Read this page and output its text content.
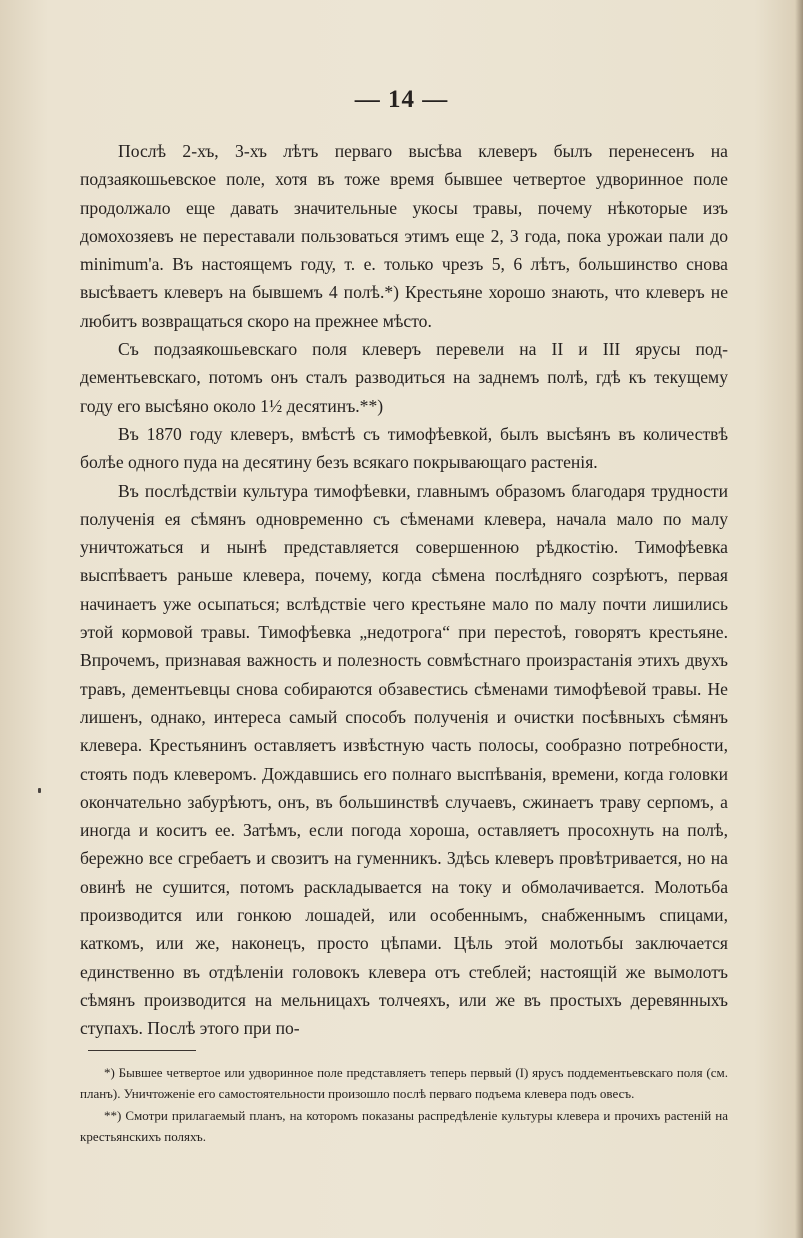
— 14 —

Послѣ 2-хъ, 3-хъ лѣтъ перваго высѣва клеверъ былъ перенесенъ на подзаякошьевское поле, хотя въ тоже время бывшее четвертое удворинное поле продолжало еще давать значительные укосы травы, почему нѣкоторые изъ домохозяевъ не переставали пользоваться этимъ еще 2, 3 года, пока урожаи пали до minimum'a. Въ настоящемъ году, т. е. только чрезъ 5, 6 лѣтъ, большинство снова высѣваетъ клеверъ на бывшемъ 4 полѣ.*) Крестьяне хорошо знають, что клеверъ не любитъ возвращаться скоро на прежнее мѣсто.

Съ подзаякошьевскаго поля клеверъ перевели на II и III ярусы под-дементьевскаго, потомъ онъ сталъ разводиться на заднемъ полѣ, гдѣ къ текущему году его высѣяно около 1½ десятинъ.**)

Въ 1870 году клеверъ, вмѣстѣ съ тимофѣевкой, былъ высѣянъ въ количествѣ болѣе одного пуда на десятину безъ всякаго покрывающаго растенія.

Въ послѣдствіи культура тимофѣевки, главнымъ образомъ благодаря трудности полученія ея сѣмянъ одновременно съ сѣменами клевера, начала мало по малу уничтожаться и нынѣ представляется совершенною рѣдкостію. Тимофѣевка выспѣваетъ раньше клевера, почему, когда сѣмена послѣдняго созрѣютъ, первая начинаетъ уже осыпаться; вслѣдствіе чего крестьяне мало по малу почти лишились этой кормовой травы. Тимофѣевка „недотрога“ при перестоѣ, говорятъ крестьяне. Впрочемъ, признавая важность и полезность совмѣстнаго произрастанія этихъ двухъ травъ, дементьевцы снова собираются обзавестись сѣменами тимофѣевой травы. Не лишенъ, однако, интереса самый способъ полученія и очистки посѣвныхъ сѣмянъ клевера. Крестьянинъ оставляетъ извѣстную часть полосы, сообразно потребности, стоять подъ клеверомъ. Дождавшись его полнаго выспѣванія, времени, когда головки окончательно забурѣютъ, онъ, въ большинствѣ случаевъ, сжинаетъ траву серпомъ, а иногда и коситъ ее. Затѣмъ, если погода хороша, оставляетъ просохнуть на полѣ, бережно все сгребаетъ и свозитъ на гуменникъ. Здѣсь клеверъ провѣтривается, но на овинѣ не сушится, потомъ раскладывается на току и обмолачивается. Молотьба производится или гонкою лошадей, или особеннымъ, снабженнымъ спицами, каткомъ, или же, наконецъ, просто цѣпами. Цѣль этой молотьбы заключается единственно въ отдѣленіи головокъ клевера отъ стеблей; настоящій же вымолотъ сѣмянъ производится на мельницахъ толчеяхъ, или же въ простыхъ деревянныхъ ступахъ. Послѣ этого при по-

*) Бывшее четвертое или удворинное поле представляетъ теперь первый (I) ярусъ поддементьевскаго поля (см. планъ). Уничтоженіе его самостоятельности произошло послѣ перваго подъема клевера подъ овесъ.

**) Смотри прилагаемый планъ, на которомъ показаны распредѣленіе культуры клевера и прочихъ растеній на крестьянскихъ поляхъ.
